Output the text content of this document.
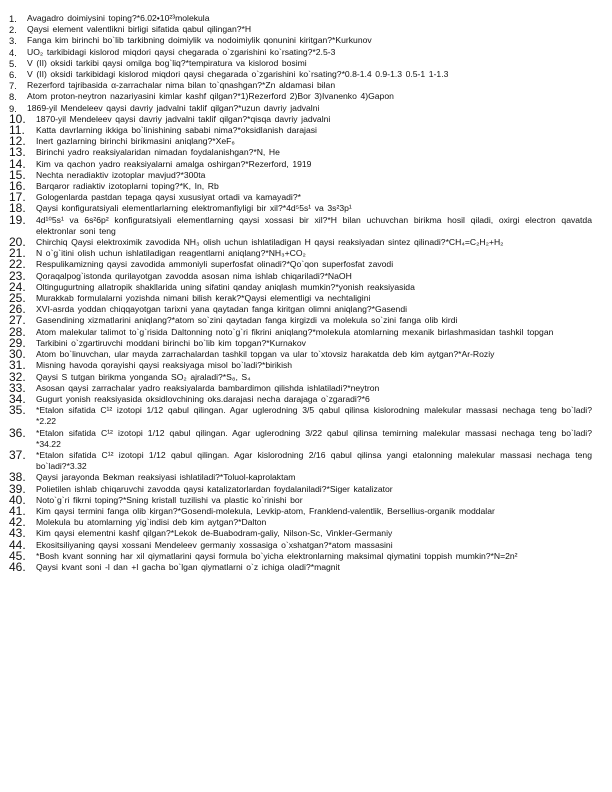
1.	Avagadro doimiysini toping?*6.02•10²³molekula
2.	Qaysi element valentlikni birligi sifatida qabul qilingan?*H
3.	Fanga kim birinchi bo`lib tarkibning doimiylik va nodoimiylik qonunini kiritgan?*Kurkunov
4.	UO₂ tarkibidagi kislorod miqdori qaysi chegarada o`zgarishini ko`rsating?*2.5-3
5.	V (II) oksidi tarkibi qaysi omilga bog`liq?*tempiratura va kislorod bosimi
6.	V (II) oksidi tarkibidagi kislorod miqdori qaysi chegarada o`zgarishini ko`rsating?*0.8-1.4 0.9-1.3 0.5-1 1-1.3
7.	Rezerford tajribasida α-zarrachalar nima bilan to`qnashgan?*Zn aldamasi bilan
8.	Atom proton-neytron nazariyasini kimlar kashf qilgan?*1)Rezerford 2)Bor 3)Ivanenko 4)Gapon
9.	1869-yil Mendeleev qaysi davriy jadvalni taklif qilgan?*uzun davriy jadvalni
10.	1870-yil Mendeleev qaysi davriy jadvalni taklif qilgan?*qisqa davriy jadvalni
11.	Katta davrlarning ikkiga bo`linishining sababi nima?*oksidlanish darajasi
12.	Inert gazlarning birinchi birikmasini aniqlang?*XeF₆
13.	Birinchi yadro reaksiyalaridan nimadan foydalanishgan?*N, He
14.	Kim va qachon yadro reaksiyalarni amalga oshirgan?*Rezerford, 1919
15.	Nechta neradiaktiv izotoplar mavjud?*300ta
16.	Barqaror radiaktiv izotoplarni toping?*K, In, Rb
17.	Gologenlarda pastdan tepaga qaysi xususiyat ortadi va kamayadi?*
18.	Qaysi konfiguratsiyali elementlarlarning elektromanfiyligi bir xil?*4d⁵5s¹ va 3s²3p¹
19.	4d¹⁰5s¹ va 6s²6p² konfiguratsiyali elementlarning qaysi xossasi bir xil?*H bilan uchuvchan birikma hosil qiladi, oxirgi electron qavatda elektronlar soni teng
20.	Chirchiq Qaysi elektroximik zavodida NH₃ olish uchun ishlatiladigan H qaysi reaksiyadan sintez qilinadi?*CH₄=C₂H₂+H₂
21.	N o`g`itini olish uchun ishlatiladigan reagentlarni aniqlang?*NH₃+CO₂
22.	Respulikamizning qaysi zavodida ammoniyli superfosfat olinadi?*Qo`qon superfosfat zavodi
23.	Qoraqalpog`istonda qurilayotgan zavodda asosan nima ishlab chiqariladi?*NaOH
24.	Oltingugurtning allatropik shakllarida uning sifatini qanday aniqlash mumkin?*yonish reaksiyasida
25.	Murakkab formulalarni yozishda nimani bilish kerak?*Qaysi elementligi va nechtaligini
26.	XVI-asrda yoddan chiqqayotgan tarixni yana qaytadan fanga kiritgan olimni aniqlang?*Gasendi
27.	Gasendining xizmatlarini aniqlang?*atom so`zini qaytadan fanga kirgizdi va molekula so`zini fanga olib kirdi
28.	Atom malekular talimot to`g`risida Daltonning noto`g`ri fikrini aniqlang?*molekula atomlarning mexanik birlashmasidan tashkil topgan
29.	Tarkibini o`zgartiruvchi moddani birinchi bo`lib kim topgan?*Kurnakov
30.	Atom bo`linuvchan, ular mayda zarrachalardan tashkil topgan va ular to`xtovsiz harakatda deb kim aytgan?*Ar-Roziy
31.	Misning havoda qorayishi qaysi reaksiyaga misol bo`ladi?*birikish
32.	Qaysi S tutgan birikma yonganda SO₂ ajraladi?*S₈, S₄
33.	Asosan qaysi zarrachalar yadro reaksiyalarda bambardimon qilishda ishlatiladi?*neytron
34.	Gugurt yonish reaksiyasida oksidlovchining oks.darajasi necha darajaga o`zgaradi?*6
35.	*Etalon sifatida C¹² izotopi 1/12 qabul qilingan. Agar uglerodning 3/5 qabul qilinsa kislorodning malekular massasi nechaga teng bo`ladi?*2.22
36.	*Etalon sifatida C¹² izotopi 1/12 qabul qilingan. Agar uglerodning 3/22 qabul qilinsa temirning malekular massasi nechaga teng bo`ladi?*34.22
37.	*Etalon sifatida C¹² izotopi 1/12 qabul qilingan. Agar kislorodning 2/16 qabul qilinsa yangi etalonning malekular massasi nechaga teng bo`ladi?*3.32
38.	Qaysi jarayonda Bekman reaksiyasi ishlatiladi?*Toluol-kaprolaktam
39.	Polietilen ishlab chiqaruvchi zavodda qaysi katalizatorlardan foydalaniladi?*Siger katalizator
40.	Noto`g`ri fikrni toping?*Sning kristall tuzilishi va plastic ko`rinishi bor
41.	Kim qaysi termini fanga olib kirgan?*Gosendi-molekula, Levkip-atom, Franklend-valentlik, Bersellius-organik moddalar
42.	Molekula bu atomlarning yig`indisi deb kim aytgan?*Dalton
43.	Kim qaysi elementni kashf qilgan?*Lekok de-Buabodram-galiy, Nilson-Sc, Vinkler-Germaniy
44.	Ekositsiliyaning qaysi xossani Mendeleev germaniy xossasiga o`xshatgan?*atom massasini
45.	*Bosh kvant sonning har xil qiymatlarini qaysi formula bo`yicha elektronlarning maksimal qiymatini toppish mumkin?*N=2n²
46.	Qaysi kvant soni -l dan +l gacha bo`lgan qiymatlarni o`z ichiga oladi?*magnit
